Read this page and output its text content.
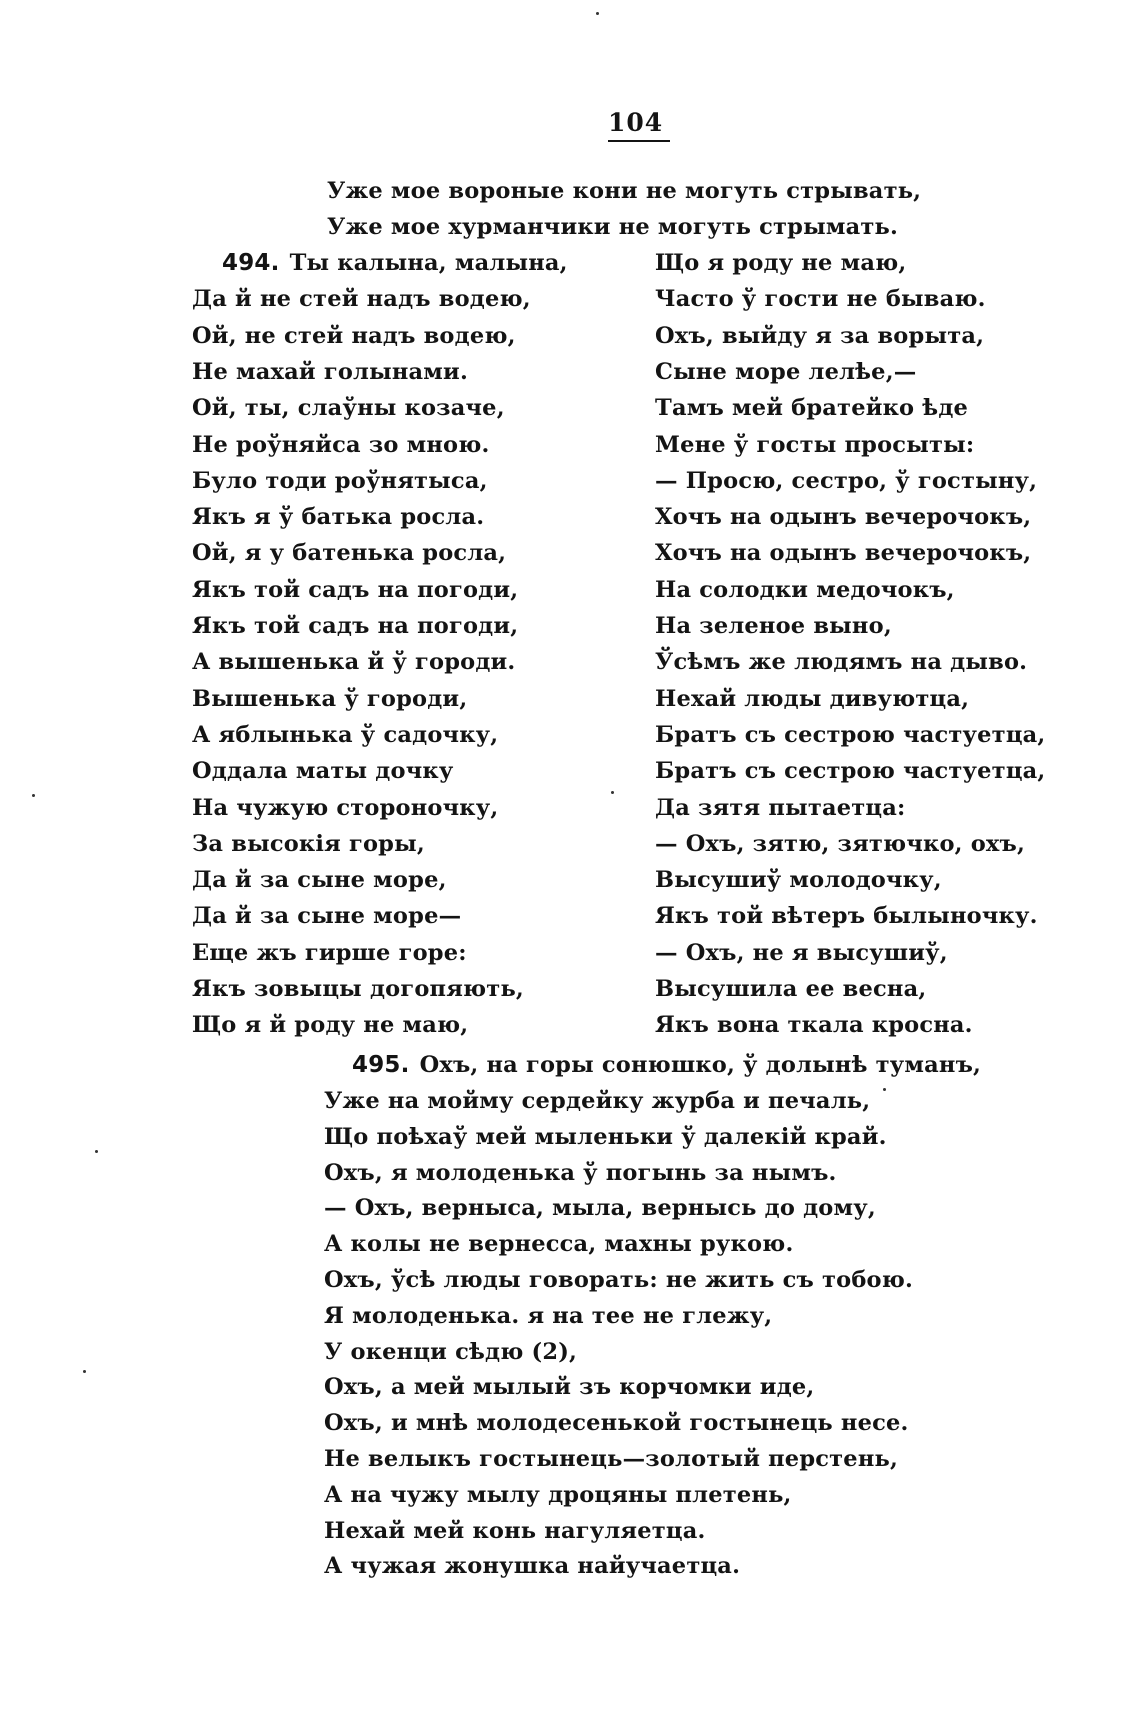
104
Уже мое вороные кони не могуть стрывать,
Уже мое хурманчики не могуть стрымать.
494. Ты калына, малына,
Да й не стей надъ водею,
Ой, не стей надъ водею,
Не махай голынами.
Ой, ты, слаўны козаче,
Не роўняйса зо мною.
Було тоди роўнятыса,
Якъ я ў батька росла.
Ой, я у батенька росла,
Якъ той садъ на погоди,
Якъ той садъ на погоди,
А вышенька й ў городи.
Вышенька ў городи,
А яблынька ў садочку,
Оддала маты дочку
На чужую стороночку,
За высокія горы,
Да й за сыне море,
Да й за сыне море—
Еще жъ гирше горе:
Якъ зовыцы догопяють,
Що я й роду не маю,
Що я роду не маю,
Часто ў гости не бываю.
Охъ, выйду я за ворыта,
Сыне море лелѣе,—
Тамъ мей братейко ѣде
Мене ў госты просыты:
— Просю, сестро, ў гостыну,
Хочъ на одынъ вечерочокъ,
Хочъ на одынъ вечерочокъ,
На солодки медочокъ,
На зеленое выно,
Ўсѣмъ же людямъ на дыво.
Нехай люды дивуютца,
Братъ съ сестрою частуетца,
Братъ съ сестрою частуетца,
Да зятя пытаетца:
— Охъ, зятю, зятючко, охъ,
Высушиў молодочку,
Якъ той вѣтеръ былыночку.
— Охъ, не я высушиў,
Высушила ее весна,
Якъ вона ткала кросна.
495. Охъ, на горы сонюшко, ў долынѣ туманъ,
Уже на мойму сердейку журба и печаль,
Що поѣхаў мей мыленьки ў далекій край.
Охъ, я молоденька ў погынь за нымъ.
— Охъ, верныса, мыла, вернысь до дому,
А колы не вернесса, махны рукою.
Охъ, ўсѣ люды говорать: не жить съ тобою.
Я молоденька. я на тее не глежу,
У окенци сѣдю (2),
Охъ, а мей мылый зъ корчомки иде,
Охъ, и мнѣ молодесенькой гостынець несе.
Не велыкъ гостынець—золотый перстень,
А на чужу мылу дроцяны плетень,
Нехай мей конь нагуляетца.
А чужая жонушка найучаетца.
